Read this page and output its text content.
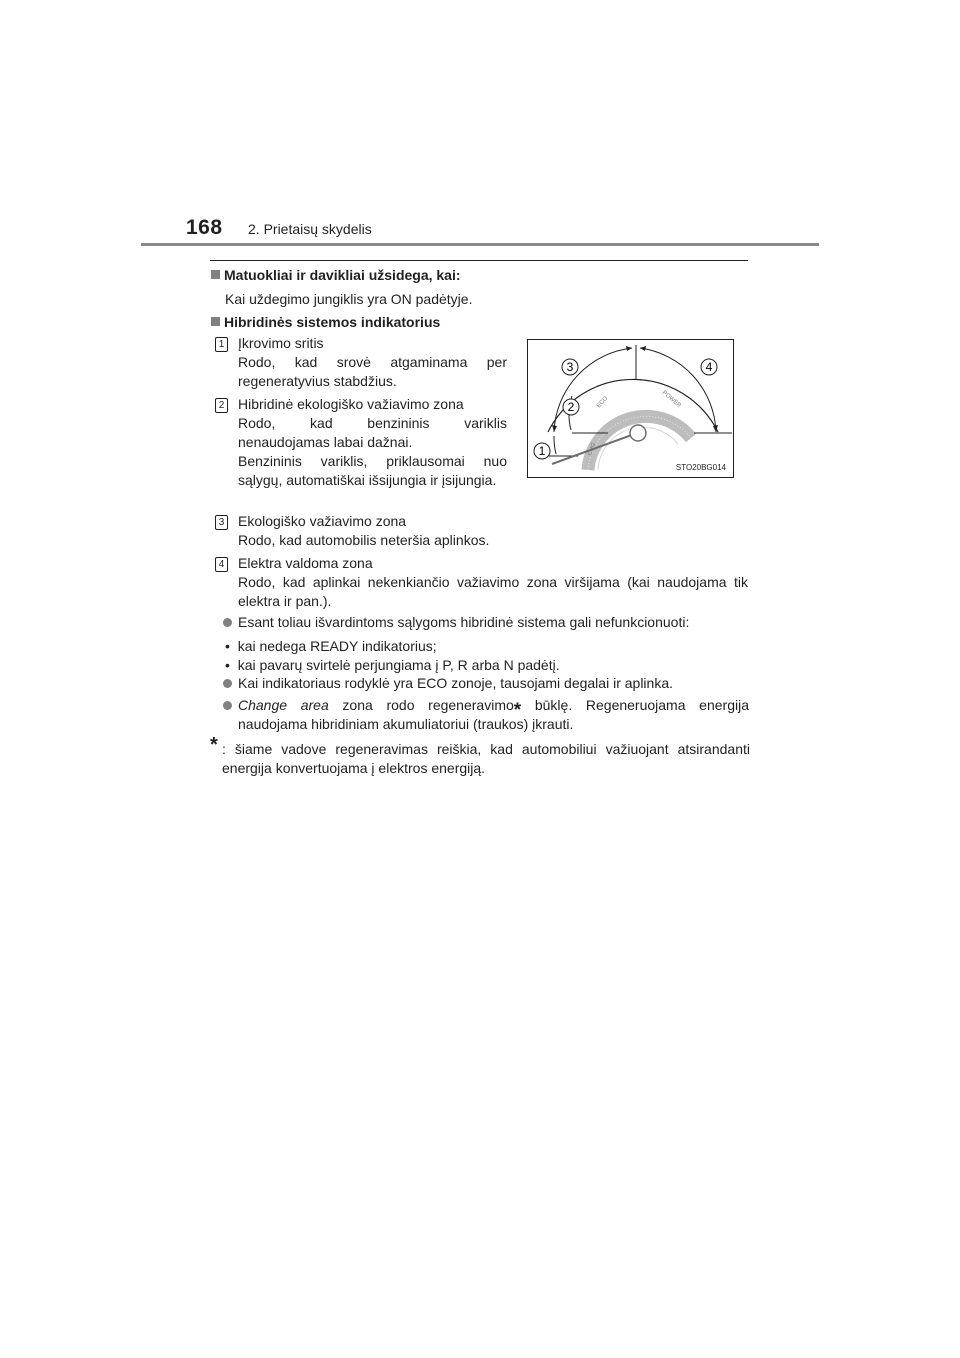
168 2. Prietaisų skydelis
Matuokliai ir davikliai užsidega, kai:
Kai uždegimo jungiklis yra ON padėtyje.
Hibridinės sistemos indikatorius
1 Įkrovimo sritis
Rodo, kad srovė atgaminama per regeneratyvius stabdžius.
2 Hibridinė ekologiško važiavimo zona
Rodo, kad benzininis variklis nenaudojamas labai dažnai.
Benzininis variklis, priklausomai nuo sąlygų, automatiškai išsijungia ir įsijungia.
3 Ekologiško važiavimo zona
Rodo, kad automobilis neteršia aplinkos.
4 Elektra valdoma zona
Rodo, kad aplinkai nekenkiančio važiavimo zona viršijama (kai naudojama tik elektra ir pan.).
CHG
ECO	POWER
1
2
3	4
STO20BG014
Esant toliau išvardintoms sąlygoms hibridinė sistema gali nefunkcionuoti:
•  kai nedega READY indikatorius;
•  kai pavarų svirtelė perjungiama į P, R arba N padėtį.
Kai indikatoriaus rodyklė yra ECO zonoje, tausojami degalai ir aplinka.
Change area zona rodo regeneravimo* būklę. Regeneruojama energija naudojama hibridiniam akumuliatoriui (traukos) įkrauti.
* : šiame vadove regeneravimas reiškia, kad automobiliui važiuojant atsirandanti energija konvertuojama į elektros energiją.
